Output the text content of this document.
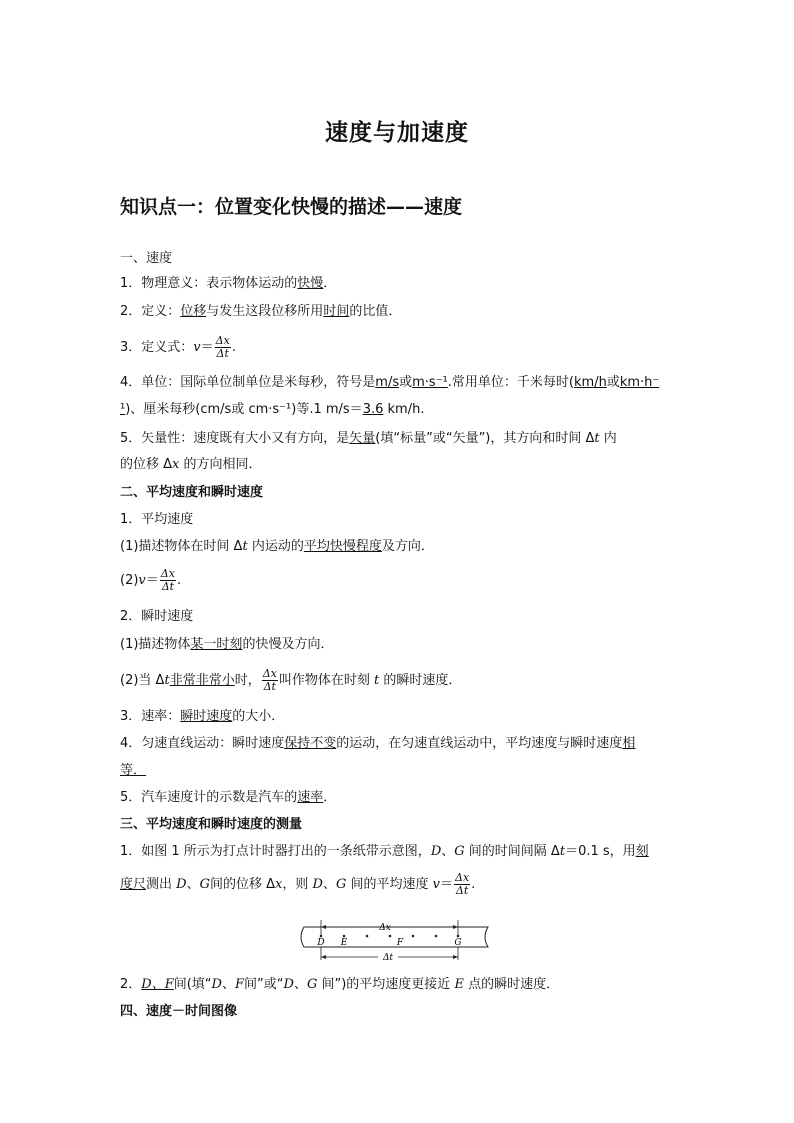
速度与加速度
知识点一：位置变化快慢的描述——速度
一、速度
1．物理意义：表示物体运动的快慢．
2．定义：位移与发生这段位移所用时间的比值．
3．定义式：$v= \frac{\Delta x}{\Delta t}$ .
4．单位：国际单位制单位是米每秒，符号是m/s或m·s⁻¹.常用单位：千米每时(km/h或km·h⁻
¹)、厘米每秒(cm/s或 cm·s⁻¹)等.1 m/s＝3.6 km/h.
5．矢量性：速度既有大小又有方向，是矢量(填“标量”或“矢量”)，其方向和时间 Δt 内
的位移 Δx 的方向相同．
二、平均速度和瞬时速度
1．平均速度
(1)描述物体在时间 Δt 内运动的平均快慢程度及方向．
$(2)v= \frac{\Delta x}{\Delta t}$ .
2．瞬时速度
(1)描述物体某一时刻的快慢及方向．
(2)当 Δt非常非常小时， $\frac{\Delta x}{\Delta t}$ 叫作物体在时刻 t 的瞬时速度．
3．速率：瞬时速度的大小．
4．匀速直线运动：瞬时速度保持不变的运动，在匀速直线运动中，平均速度与瞬时速度相
等．
5．汽车速度计的示数是汽车的速率．
三、平均速度和瞬时速度的测量
1．如图 1 所示为打点计时器打出的一条纸带示意图，D、G 间的时间间隔 Δt＝0.1 s，用刻
度尺测出 D、G间的位移 Δx，则 D、G 间的平均速度 $v= \frac{\Delta x}{\Delta t}$ .
Δx
D E	F	G
Δt
2．D、F间(填“D、F间”或“D、G 间”)的平均速度更接近 E 点的瞬时速度．
四、速度－时间图像
